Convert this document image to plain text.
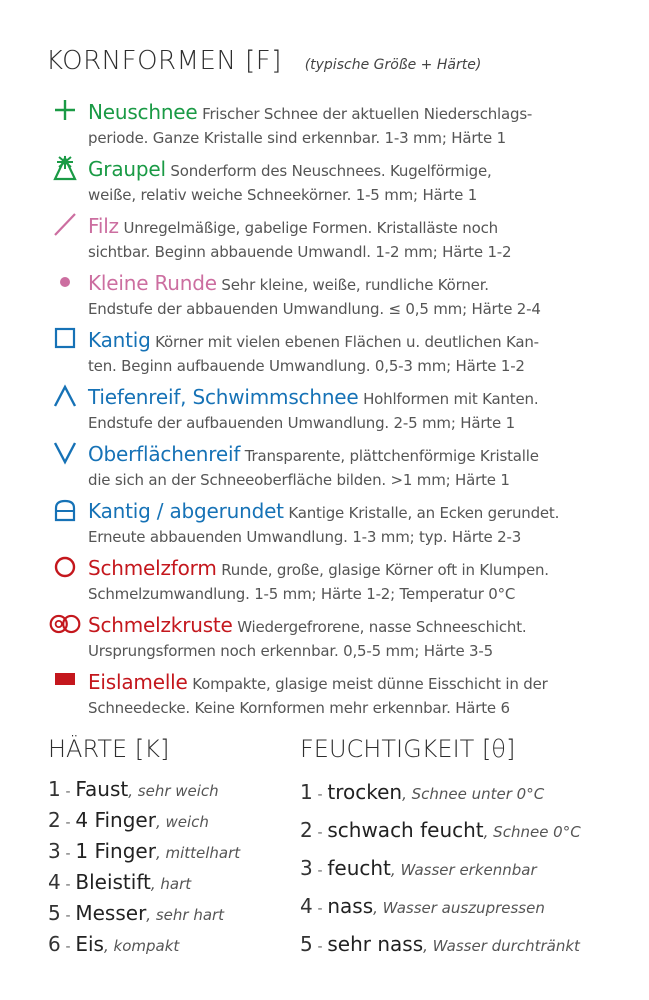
KORNFORMEN [F] (typische Größe + Härte)
Neuschnee Frischer Schnee der aktuellen Niederschlags-
periode. Ganze Kristalle sind erkennbar. 1-3 mm; Härte 1
Graupel Sonderform des Neuschnees. Kugelförmige,
weiße, relativ weiche Schneekörner. 1-5 mm; Härte 1
Filz Unregelmäßige, gabelige Formen. Kristalläste noch
sichtbar. Beginn abbauende Umwandl. 1-2 mm; Härte 1-2
Kleine Runde Sehr kleine, weiße, rundliche Körner.
Endstufe der abbauenden Umwandlung. ≤ 0,5 mm; Härte 2-4
Kantig Körner mit vielen ebenen Flächen u. deutlichen Kan-
ten. Beginn aufbauende Umwandlung. 0,5-3 mm; Härte 1-2
Tiefenreif, Schwimmschnee Hohlformen mit Kanten.
Endstufe der aufbauenden Umwandlung. 2-5 mm; Härte 1
Oberflächenreif Transparente, plättchenförmige Kristalle
die sich an der Schneeoberfläche bilden. >1 mm; Härte 1
Kantig / abgerundet Kantige Kristalle, an Ecken gerundet.
Erneute abbauenden Umwandlung. 1-3 mm; typ. Härte 2-3
Schmelzform Runde, große, glasige Körner oft in Klumpen.
Schmelzumwandlung. 1-5 mm; Härte 1-2; Temperatur 0°C
Schmelzkruste Wiedergefrorene, nasse Schneeschicht.
Ursprungsformen noch erkennbar. 0,5-5 mm; Härte 3-5
Eislamelle Kompakte, glasige meist dünne Eisschicht in der
Schneedecke. Keine Kornformen mehr erkennbar. Härte 6
HÄRTE [K]
1 - Faust, sehr weich
2 - 4 Finger, weich
3 - 1 Finger, mittelhart
4 - Bleistift, hart
5 - Messer, sehr hart
6 - Eis, kompakt
FEUCHTIGKEIT [θ]
1 - trocken, Schnee unter 0°C
2 - schwach feucht, Schnee 0°C
3 - feucht, Wasser erkennbar
4 - nass, Wasser auszupressen
5 - sehr nass, Wasser durchtränkt
